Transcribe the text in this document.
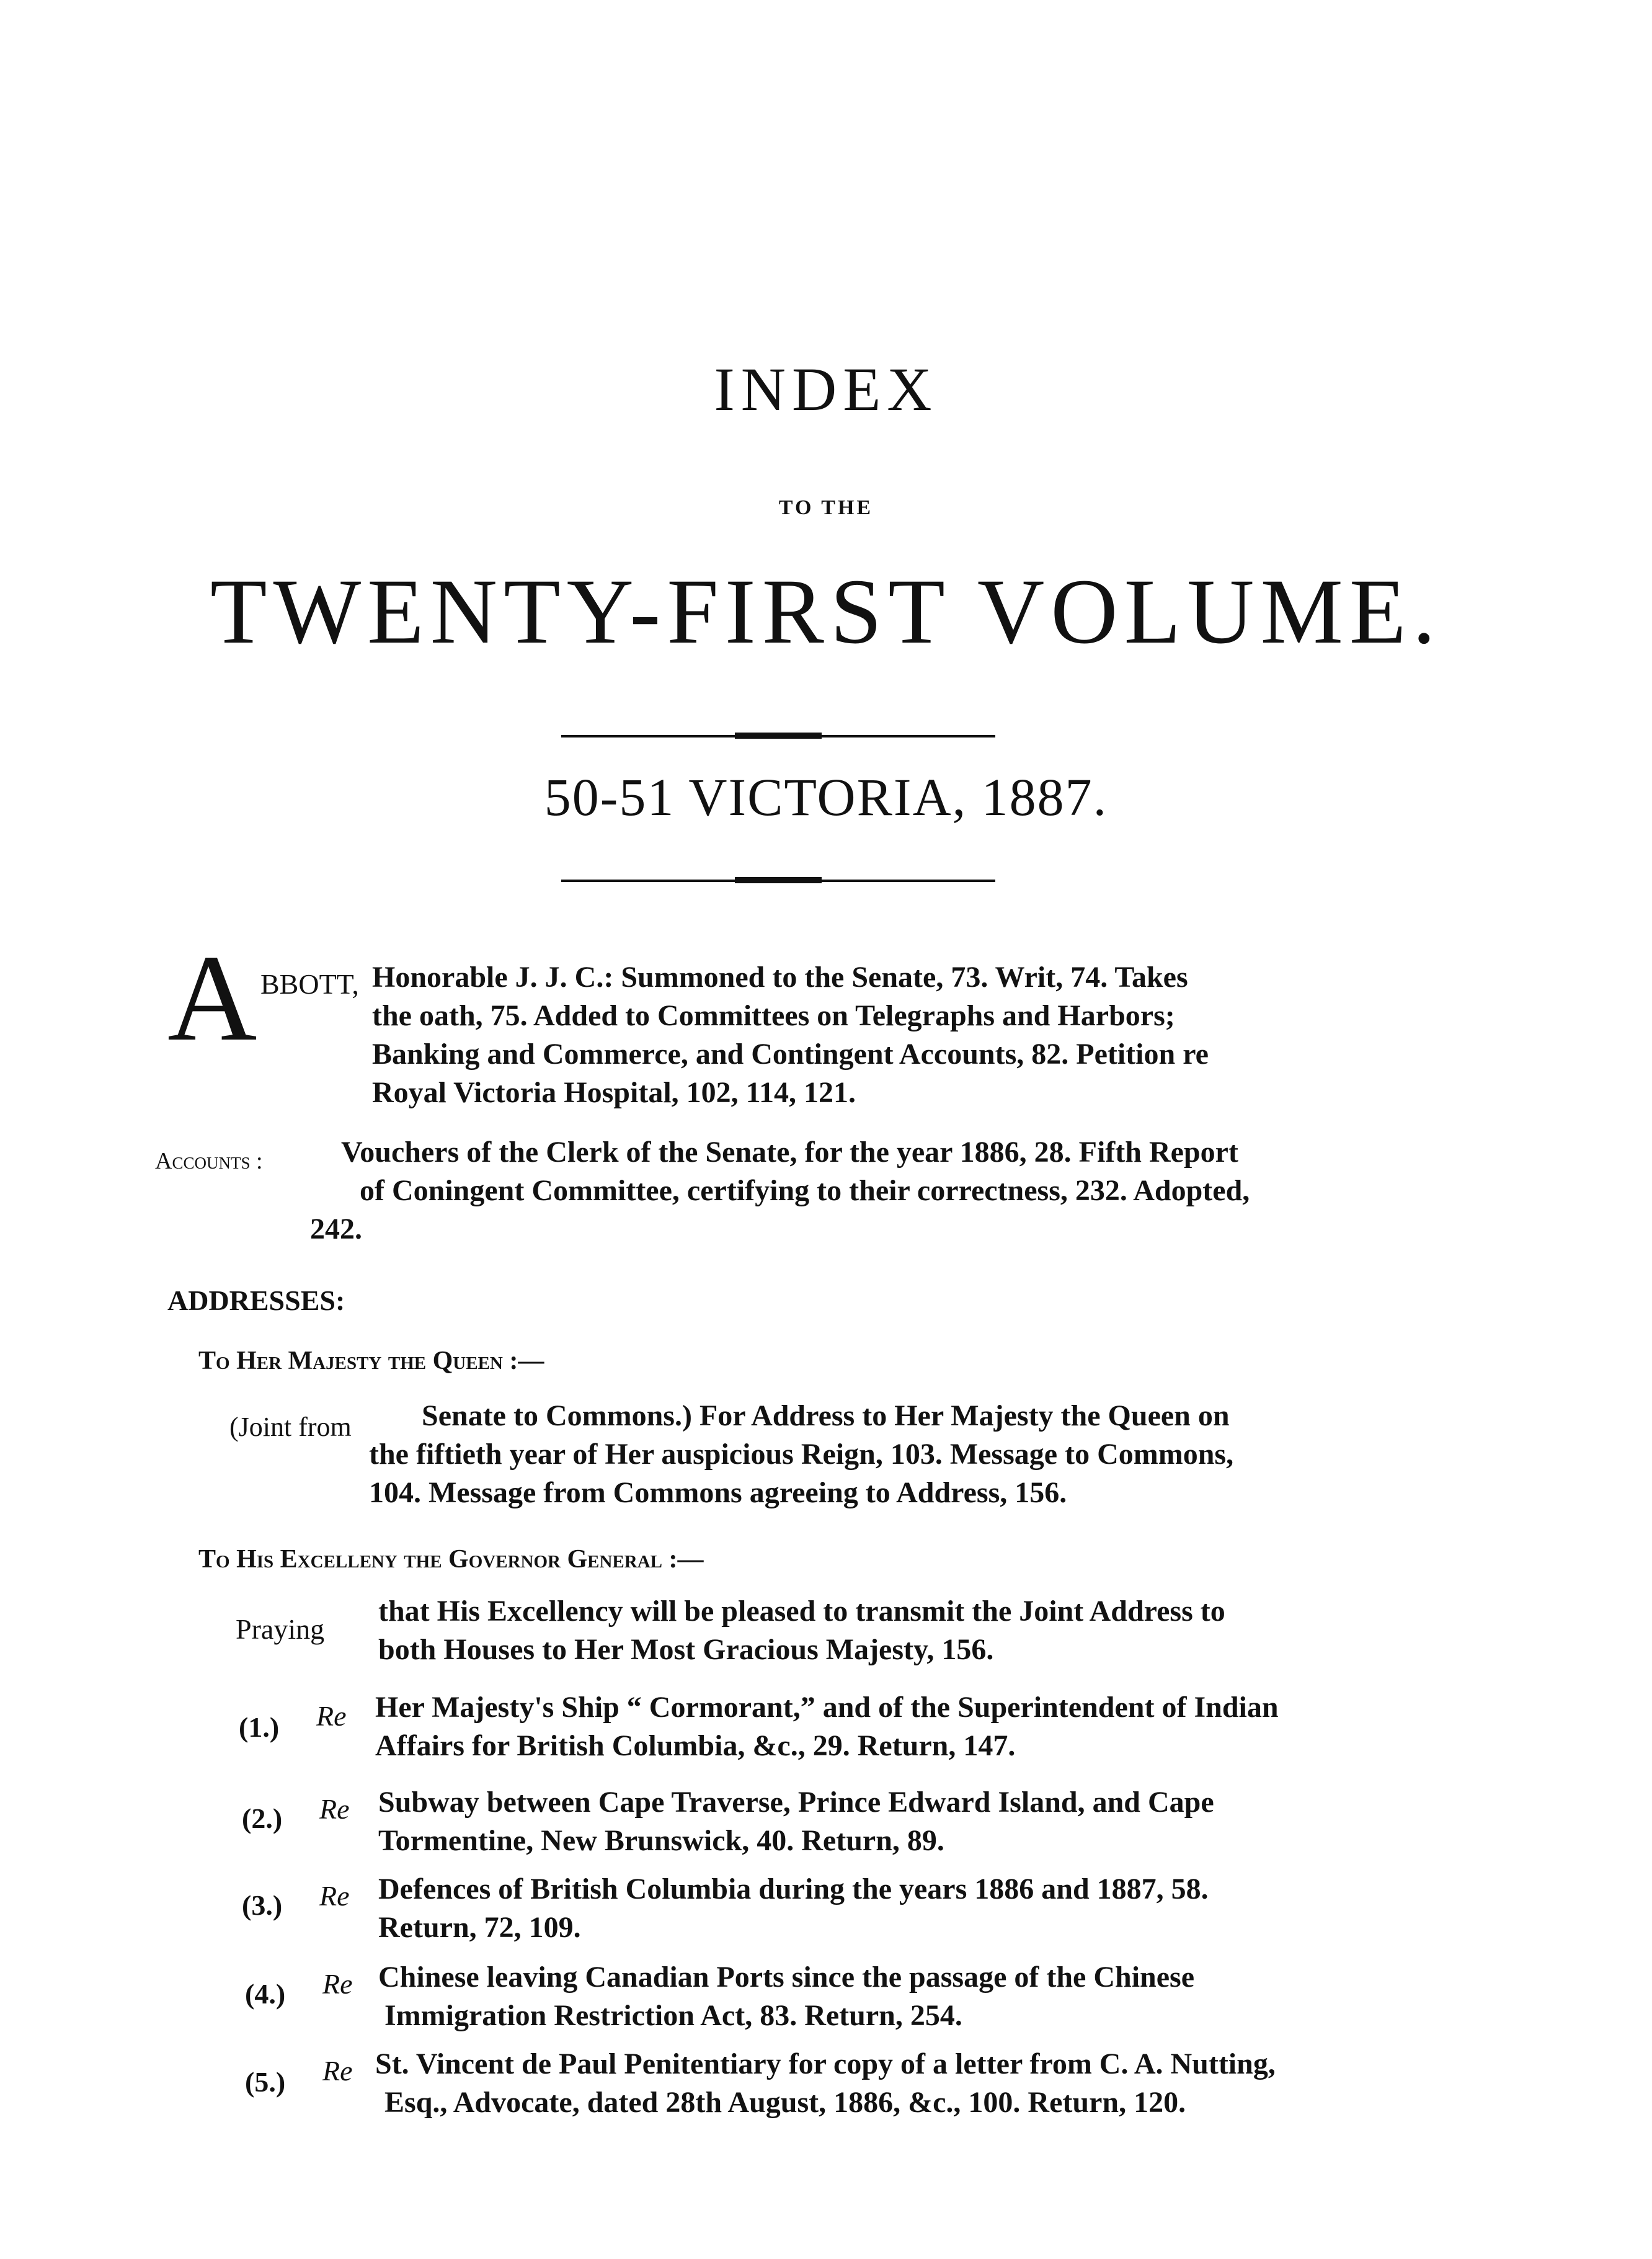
INDEX
TO THE
TWENTY-FIRST VOLUME.
50-51 VICTORIA, 1887.
A BBOTT, Honorable J. J. C.: Summoned to the Senate, 73. Writ, 74. Takes
the oath, 75. Added to Committees on Telegraphs and Harbors;
Banking and Commerce, and Contingent Accounts, 82. Petition re
Royal Victoria Hospital, 102, 114, 121.
Accounts :	Vouchers of the Clerk of the Senate, for the year 1886, 28. Fifth Report
of Coningent Committee, certifying to their correctness, 232. Adopted,
242.
ADDRESSES:
To Her Majesty the Queen :—
(Joint from Senate to Commons.) For Address to Her Majesty the Queen on
the fiftieth year of Her auspicious Reign, 103. Message to Commons,
104. Message from Commons agreeing to Address, 156.
To His Excelleny the Governor General :—
Praying
that His Excellency will be pleased to transmit the Joint Address to
both Houses to Her Most Gracious Majesty, 156.
(1.) Re Her Majesty's Ship “ Cormorant,” and of the Superintendent of Indian
Affairs for British Columbia, &c., 29. Return, 147.
(2.) Re Subway between Cape Traverse, Prince Edward Island, and Cape
Tormentine, New Brunswick, 40. Return, 89.
(3.) Re Defences of British Columbia during the years 1886 and 1887, 58.
Return, 72, 109.
(4.) Re Chinese leaving Canadian Ports since the passage of the Chinese
Immigration Restriction Act, 83. Return, 254.
(5.) Re St. Vincent de Paul Penitentiary for copy of a letter from C. A. Nutting,
Esq., Advocate, dated 28th August, 1886, &c., 100. Return, 120.
